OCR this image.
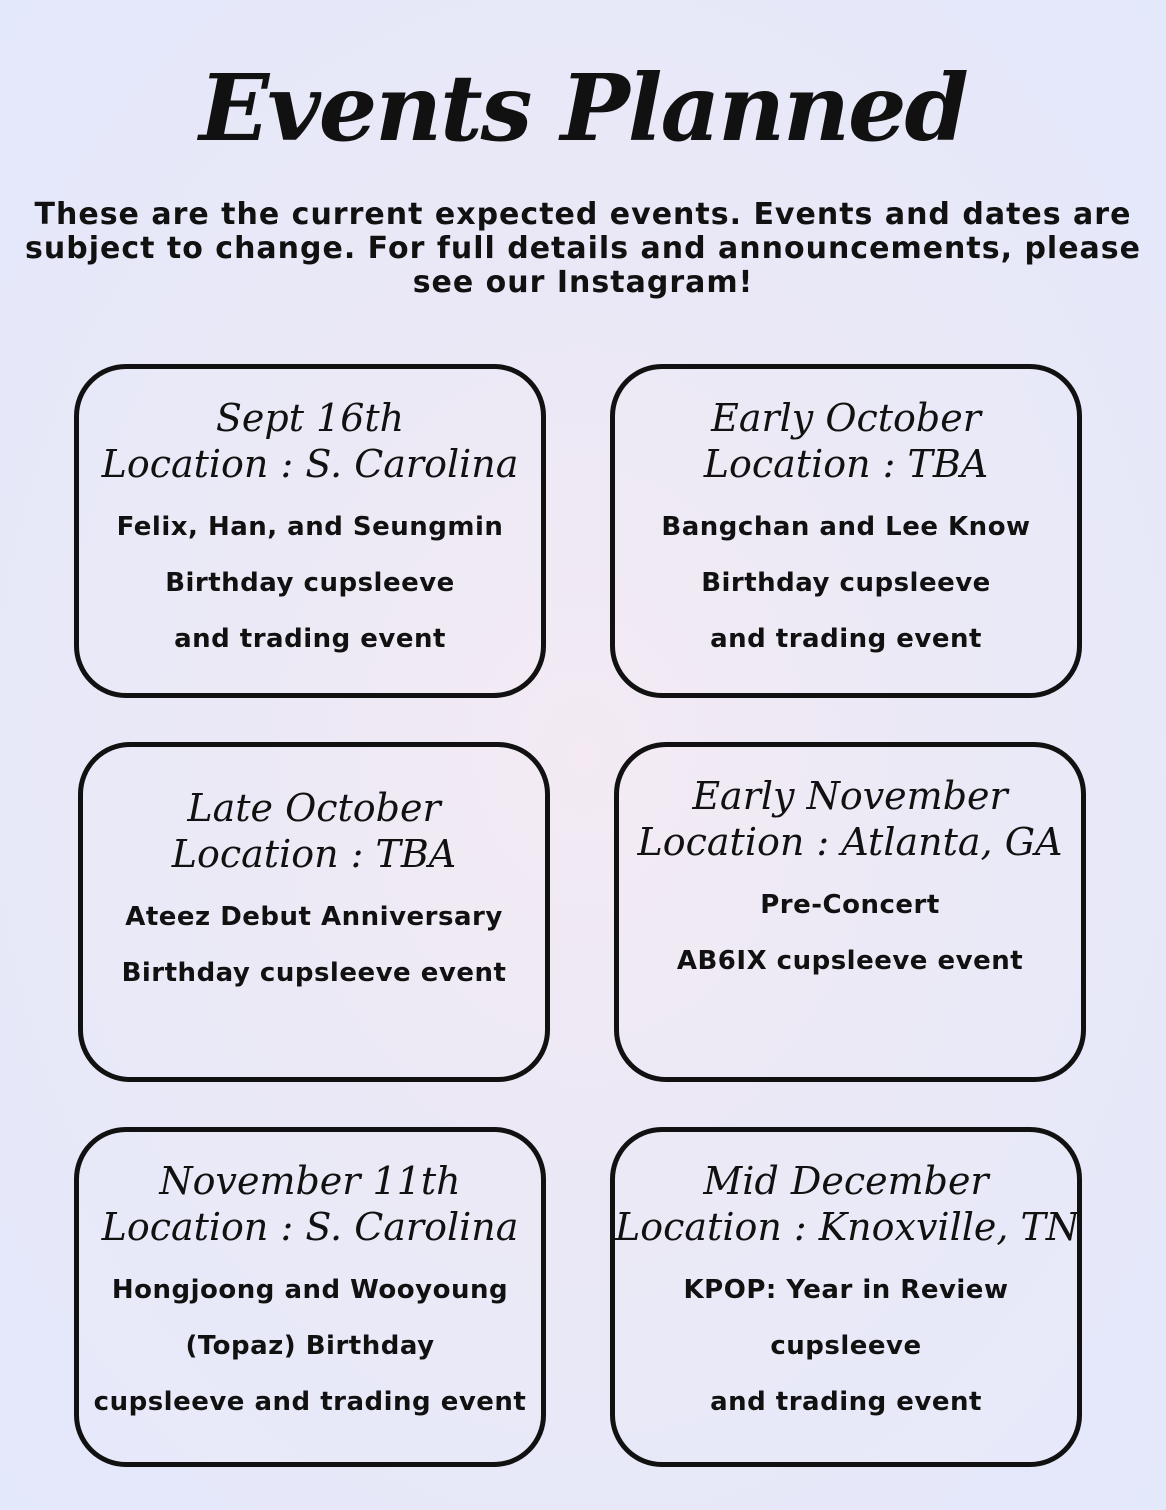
Events Planned
These are the current expected events. Events and dates are
subject to change. For full details and announcements, please
see our Instagram!
Sept 16th
Location : S. Carolina
Felix, Han, and Seungmin
Birthday cupsleeve
and trading event
Early October
Location : TBA
Bangchan and Lee Know
Birthday cupsleeve
and trading event
Late October
Location : TBA
Ateez Debut Anniversary
Birthday cupsleeve event
Early November
Location : Atlanta, GA
Pre-Concert
AB6IX cupsleeve event
November 11th
Location : S. Carolina
Hongjoong and Wooyoung
(Topaz) Birthday
cupsleeve and trading event
Mid December
Location : Knoxville, TN
KPOP: Year in Review
cupsleeve
and trading event
